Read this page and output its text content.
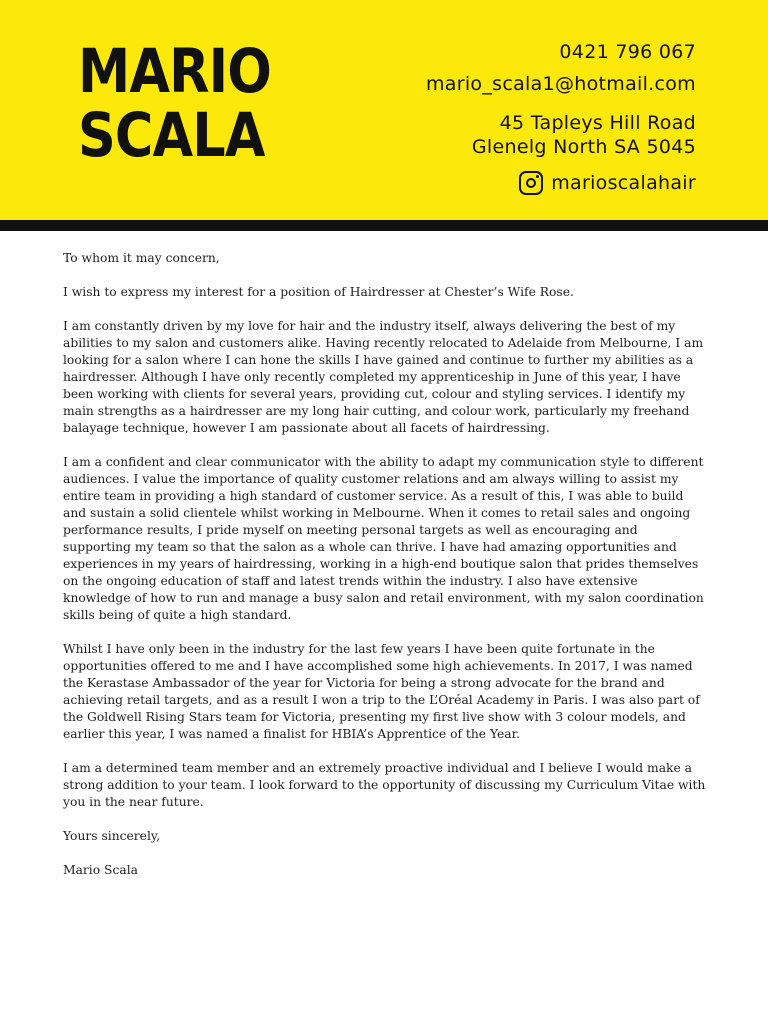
MARIO
SCALA
0421 796 067
mario_scala1@hotmail.com
45 Tapleys Hill Road
Glenelg North SA 5045
marioscalahair

To whom it may concern,

I wish to express my interest for a position of Hairdresser at Chester’s Wife Rose.

I am constantly driven by my love for hair and the industry itself, always delivering the best of my abilities to my salon and customers alike. Having recently relocated to Adelaide from Melbourne, I am looking for a salon where I can hone the skills I have gained and continue to further my abilities as a hairdresser. Although I have only recently completed my apprenticeship in June of this year, I have been working with clients for several years, providing cut, colour and styling services. I identify my main strengths as a hairdresser are my long hair cutting, and colour work, particularly my freehand balayage technique, however I am passionate about all facets of hairdressing.

I am a confident and clear communicator with the ability to adapt my communication style to different audiences. I value the importance of quality customer relations and am always willing to assist my entire team in providing a high standard of customer service. As a result of this, I was able to build and sustain a solid clientele whilst working in Melbourne. When it comes to retail sales and ongoing performance results, I pride myself on meeting personal targets as well as encouraging and supporting my team so that the salon as a whole can thrive. I have had amazing opportunities and experiences in my years of hairdressing, working in a high-end boutique salon that prides themselves on the ongoing education of staff and latest trends within the industry. I also have extensive knowledge of how to run and manage a busy salon and retail environment, with my salon coordination skills being of quite a high standard.

Whilst I have only been in the industry for the last few years I have been quite fortunate in the opportunities offered to me and I have accomplished some high achievements. In 2017, I was named the Kerastase Ambassador of the year for Victoria for being a strong advocate for the brand and achieving retail targets, and as a result I won a trip to the L’Oréal Academy in Paris. I was also part of the Goldwell Rising Stars team for Victoria, presenting my first live show with 3 colour models, and earlier this year, I was named a finalist for HBIA’s Apprentice of the Year.

I am a determined team member and an extremely proactive individual and I believe I would make a strong addition to your team. I look forward to the opportunity of discussing my Curriculum Vitae with you in the near future.

Yours sincerely,

Mario Scala
